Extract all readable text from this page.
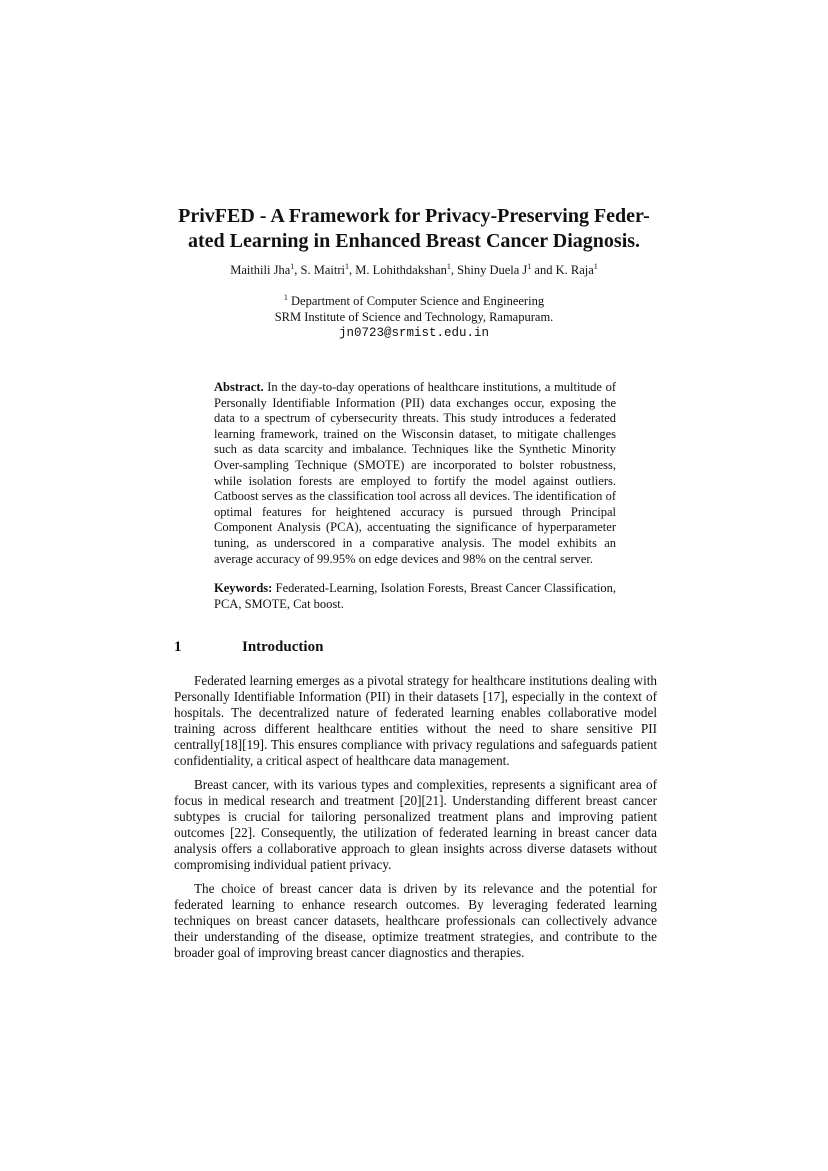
PrivFED - A Framework for Privacy-Preserving Feder-
ated Learning in Enhanced Breast Cancer Diagnosis.
Maithili Jha$^1$, S. Maitri$^1$, M. Lohithdakshan$^1$, Shiny Duela $J^1$ and K. Raja$^1$
$^1$ Department of Computer Science and Engineering
SRM Institute of Science and Technology, Ramapuram.
jn0723@srmist.edu.in

Abstract. In the day-to-day operations of healthcare institutions, a multitude of Personally Identifiable Information (PII) data exchanges occur, exposing the data to a spectrum of cybersecurity threats. This study introduces a federated learning framework, trained on the Wisconsin dataset, to mitigate challenges such as data scarcity and imbalance. Techniques like the Synthetic Minority Over-sampling Technique (SMOTE) are incorporated to bolster robustness, while isolation forests are employed to fortify the model against outliers. Catboost serves as the classification tool across all devices. The identification of optimal features for heightened accuracy is pursued through Principal Component Analysis (PCA), accentuating the significance of hyperparameter tuning, as underscored in a comparative analysis. The model exhibits an average accuracy of 99.95% on edge devices and 98% on the central server.

Keywords: Federated-Learning, Isolation Forests, Breast Cancer Classification, PCA, SMOTE, Cat boost.

1	Introduction

Federated learning emerges as a pivotal strategy for healthcare institutions dealing with Personally Identifiable Information (PII) in their datasets [17], especially in the context of hospitals. The decentralized nature of federated learning enables collaborative model training across different healthcare entities without the need to share sensitive PII centrally[18][19]. This ensures compliance with privacy regulations and safeguards patient confidentiality, a critical aspect of healthcare data management.

Breast cancer, with its various types and complexities, represents a significant area of focus in medical research and treatment [20][21]. Understanding different breast cancer subtypes is crucial for tailoring personalized treatment plans and improving patient outcomes [22]. Consequently, the utilization of federated learning in breast cancer data analysis offers a collaborative approach to glean insights across diverse datasets without compromising individual patient privacy.

The choice of breast cancer data is driven by its relevance and the potential for federated learning to enhance research outcomes. By leveraging federated learning techniques on breast cancer datasets, healthcare professionals can collectively advance their understanding of the disease, optimize treatment strategies, and contribute to the broader goal of improving breast cancer diagnostics and therapies.
